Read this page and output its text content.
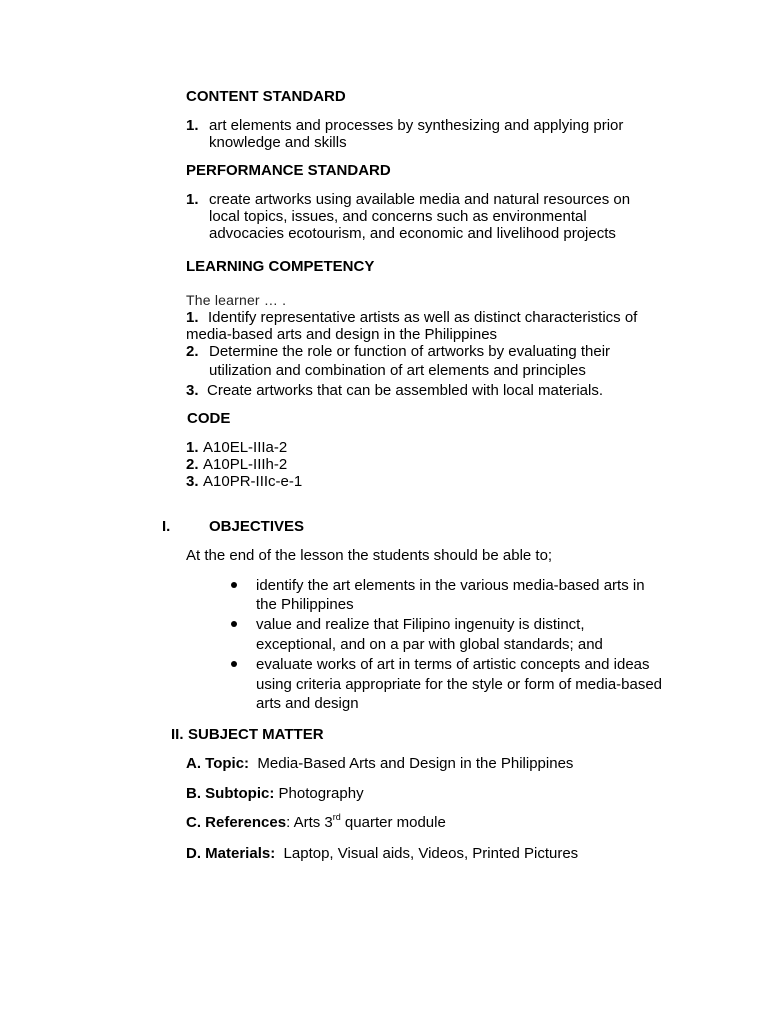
CONTENT STANDARD
1. art elements and processes by synthesizing and applying prior
knowledge and skills
PERFORMANCE STANDARD
1. create artworks using available media and natural resources on
local topics, issues, and concerns such as environmental
advocacies ecotourism, and economic and livelihood projects
LEARNING COMPETENCY
The learner … .
1. Identify representative artists as well as distinct characteristics of
media-based arts and design in the Philippines
2. Determine the role or function of artworks by evaluating their
utilization and combination of art elements and principles
3. Create artworks that can be assembled with local materials.
CODE
1. A10EL-IIIa-2
2. A10PL-IIIh-2
3. A10PR-IIIc-e-1
I.	OBJECTIVES
At the end of the lesson the students should be able to;
identify the art elements in the various media-based arts in
the Philippines
value and realize that Filipino ingenuity is distinct,
exceptional, and on a par with global standards; and
evaluate works of art in terms of artistic concepts and ideas
using criteria appropriate for the style or form of media-based
arts and design
II. SUBJECT MATTER
A. Topic: Media-Based Arts and Design in the Philippines
B. Subtopic: Photography
C. References: Arts 3rd quarter module
D. Materials: Laptop, Visual aids, Videos, Printed Pictures
